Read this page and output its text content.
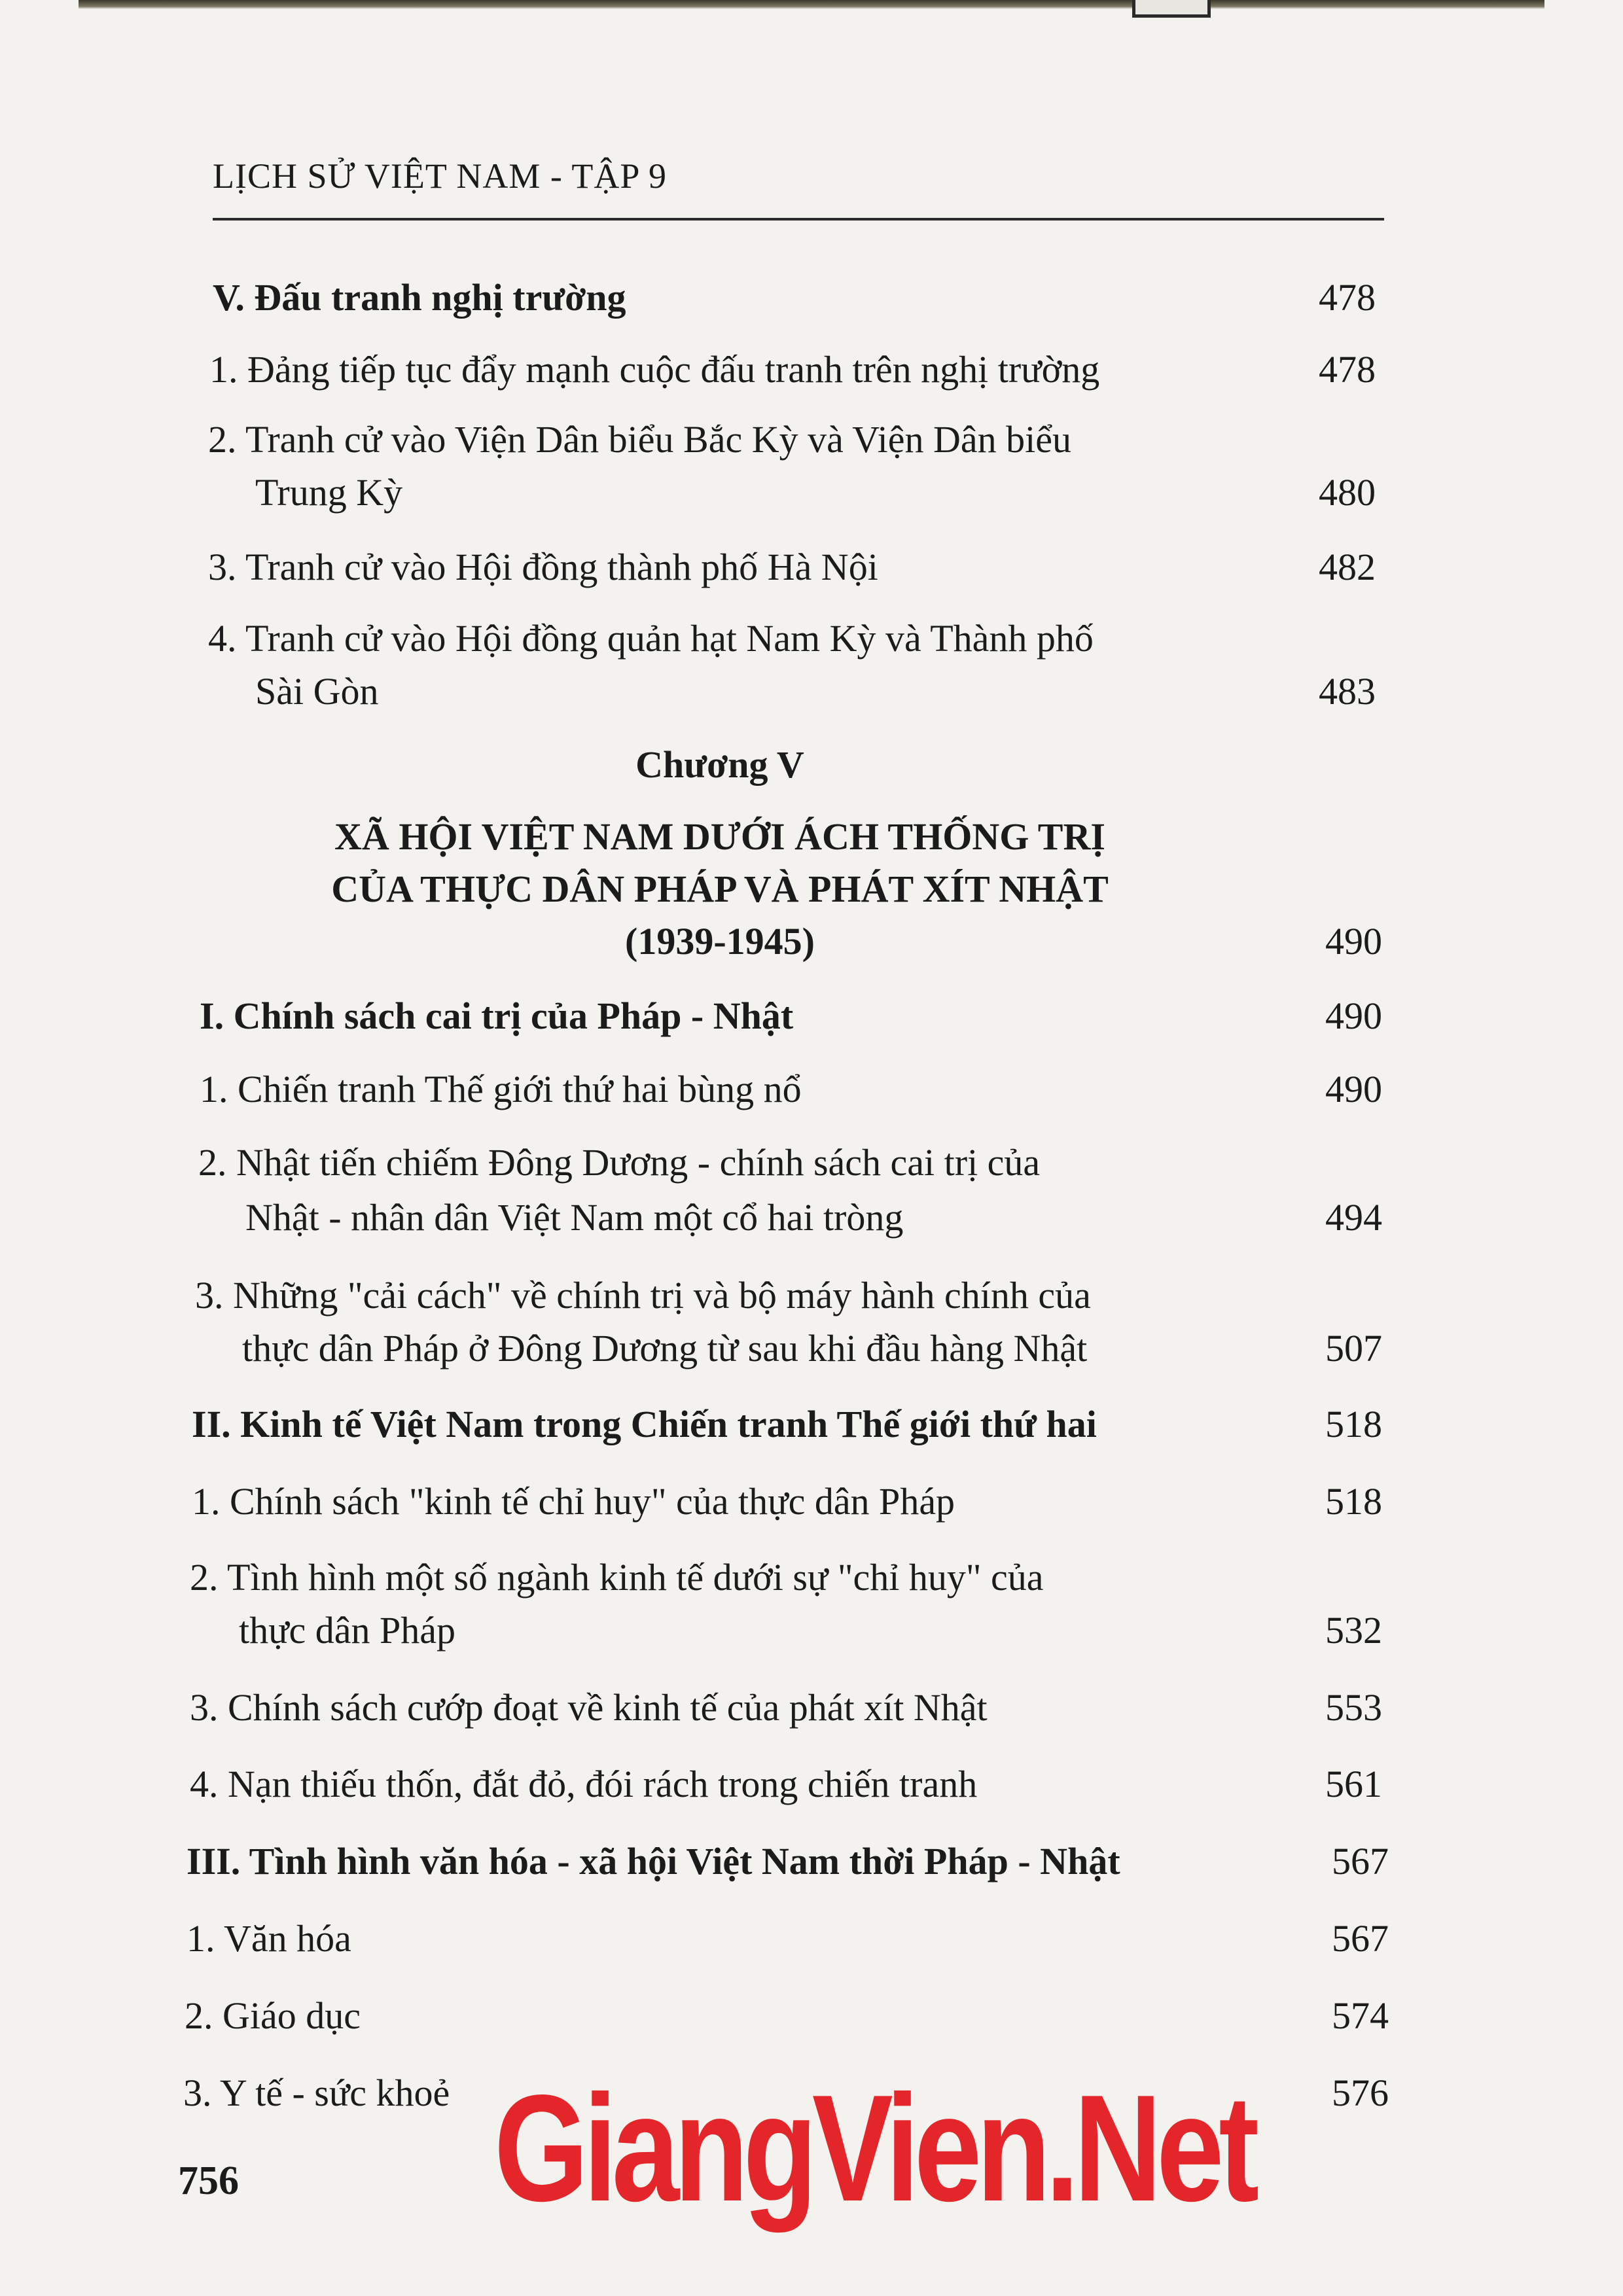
LỊCH SỬ VIỆT NAM - TẬP 9
V. Đấu tranh nghị trường	478
1. Đảng tiếp tục đẩy mạnh cuộc đấu tranh trên nghị trường	478
2. Tranh cử vào Viện Dân biểu Bắc Kỳ và Viện Dân biểu
Trung Kỳ	480
3. Tranh cử vào Hội đồng thành phố Hà Nội	482
4. Tranh cử vào Hội đồng quản hạt Nam Kỳ và Thành phố
Sài Gòn	483
Chương V
XÃ HỘI VIỆT NAM DƯỚI ÁCH THỐNG TRỊ
CỦA THỰC DÂN PHÁP VÀ PHÁT XÍT NHẬT
(1939-1945)	490
I. Chính sách cai trị của Pháp - Nhật	490
1. Chiến tranh Thế giới thứ hai bùng nổ	490
2. Nhật tiến chiếm Đông Dương - chính sách cai trị của
Nhật - nhân dân Việt Nam một cổ hai tròng	494
3. Những "cải cách" về chính trị và bộ máy hành chính của
thực dân Pháp ở Đông Dương từ sau khi đầu hàng Nhật	507
II. Kinh tế Việt Nam trong Chiến tranh Thế giới thứ hai	518
1. Chính sách "kinh tế chỉ huy" của thực dân Pháp	518
2. Tình hình một số ngành kinh tế dưới sự "chỉ huy" của
thực dân Pháp	532
3. Chính sách cướp đoạt về kinh tế của phát xít Nhật	553
4. Nạn thiếu thốn, đắt đỏ, đói rách trong chiến tranh	561
III. Tình hình văn hóa - xã hội Việt Nam thời Pháp - Nhật	567
1. Văn hóa	567
2. Giáo dục	574
3. Y tế - sức khoẻ	576
756 GiangVien.Net
